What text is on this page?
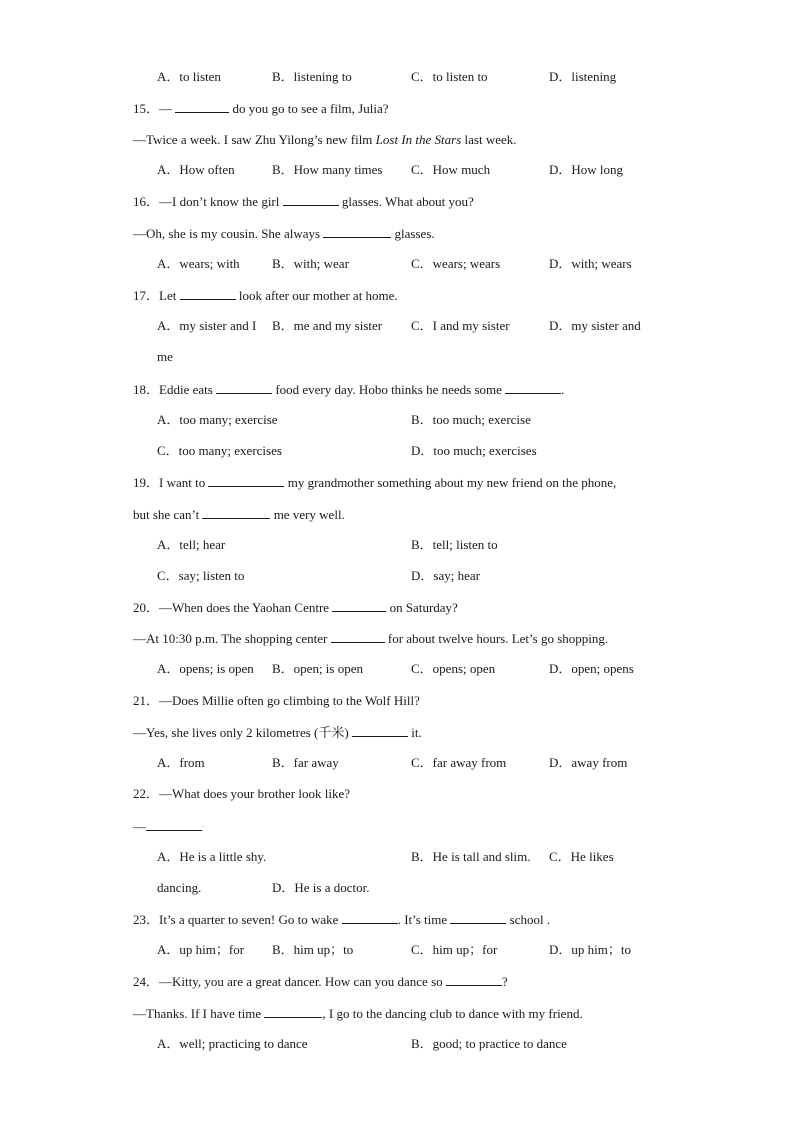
A．to listen	B．listening to	C．to listen to	D．listening
15．—	do you go to see a film, Julia?
—Twice a week. I saw Zhu Yilong’s new film Lost In the Stars last week.
A．How often	B．How many times C．How much	D．How long
16．—I don’t know the girl	glasses. What about you?
—Oh, she is my cousin. She always	glasses.
A．wears; with B．with; wear	C．wears; wears	D．with; wears
17．Let	look after our mother at home.
A．my sister and I B．me and my sister C．I and my sister	D．my sister and
me
18．Eddie eats	food every day. Hobo thinks he needs some	.
A．too many; exercise	B．too much; exercise
C．too many; exercises	D．too much; exercises
19．I want to	my grandmother something about my new friend on the phone,
but she can’t	me very well.
A．tell; hear	B．tell; listen to
C．say; listen to	D．say; hear
20．—When does the Yaohan Centre	on Saturday?
—At 10:30 p.m. The shopping center	for about twelve hours. Let’s go shopping.
A．opens; is open B．open; is open	C．opens; open	D．open; opens
21．—Does Millie often go climbing to the Wolf Hill?
—Yes, she lives only 2 kilometres (千米)	it.
A．from	B．far away	C．far away from	D．away from
22．—What does your brother look like?
—
A．He is a little shy.	B．He is tall and slim. C．He likes
dancing.	D．He is a doctor.
23．It’s a quarter to seven! Go to wake	. It’s time	school .
A．up him；for B．him up；to	C．him up；for	D．up him；to
24．—Kitty, you are a great dancer. How can you dance so	?
—Thanks. If I have time	, I go to the dancing club to dance with my friend.
A．well; practicing to dance	B．good; to practice to dance
